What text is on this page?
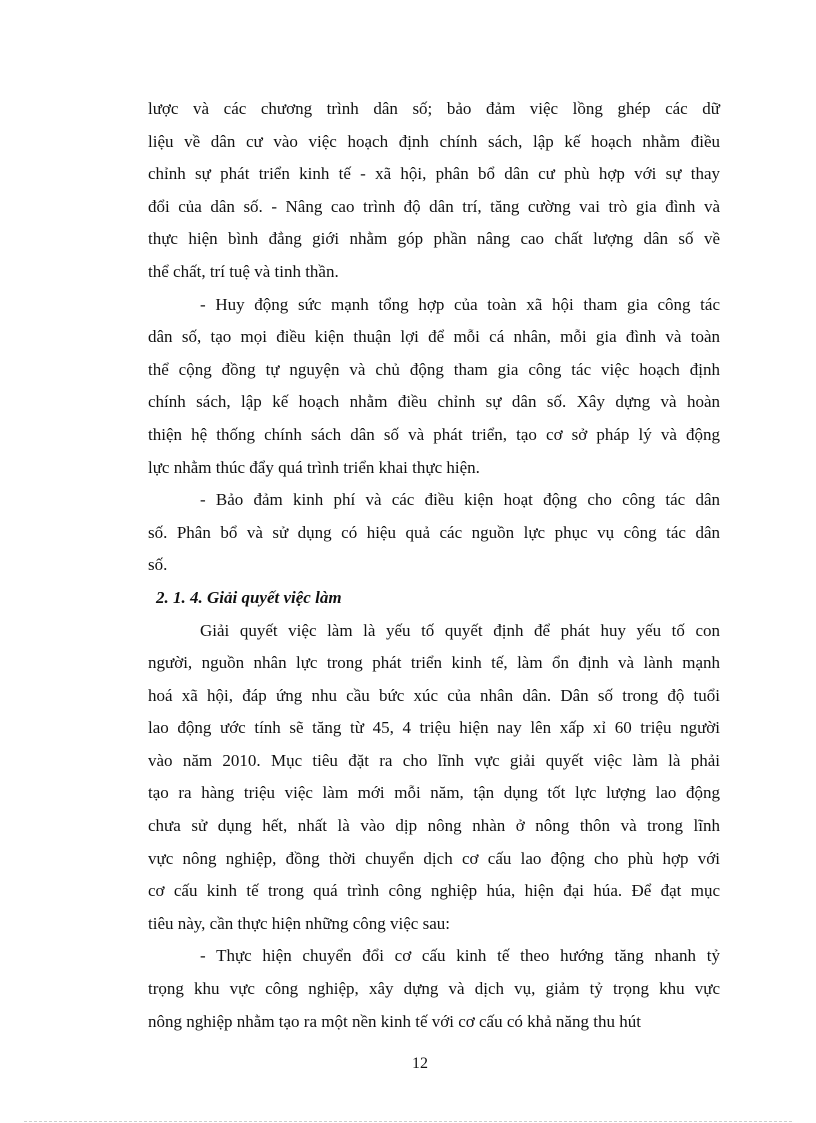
lược và các chương trình dân số; bảo đảm việc lồng ghép các dữ
liệu về dân cư vào việc hoạch định chính sách, lập kế hoạch nhằm điều
chỉnh sự phát triển kinh tế - xã hội, phân bổ dân cư phù hợp với sự thay
đổi của dân số. - Nâng cao trình độ dân trí, tăng cường vai trò gia đình và
thực hiện bình đẳng giới nhằm góp phần nâng cao chất lượng dân số về
thể chất, trí tuệ và tinh thần.
- Huy động sức mạnh tổng hợp của toàn xã hội tham gia công tác
dân số, tạo mọi điều kiện thuận lợi để mỗi cá nhân, mỗi gia đình và toàn
thể cộng đồng tự nguyện và chủ động tham gia công tác việc hoạch định
chính sách, lập kế hoạch nhằm điều chỉnh sự dân số. Xây dựng và hoàn
thiện hệ thống chính sách dân số và phát triển, tạo cơ sở pháp lý và động
lực nhằm thúc đẩy quá trình triển khai thực hiện.
- Bảo đảm kinh phí và các điều kiện hoạt động cho công tác dân
số. Phân bổ và sử dụng có hiệu quả các nguồn lực phục vụ công tác dân
số.
2. 1. 4. Giải quyết việc làm
Giải quyết việc làm là yếu tố quyết định để phát huy yếu tố con
người, nguồn nhân lực trong phát triển kinh tế, làm ổn định và lành mạnh
hoá xã hội, đáp ứng nhu cầu bức xúc của nhân dân. Dân số trong độ tuổi
lao động ước tính sẽ tăng từ 45, 4 triệu hiện nay lên xấp xỉ 60 triệu người
vào năm 2010. Mục tiêu đặt ra cho lĩnh vực giải quyết việc làm là phải
tạo ra hàng triệu việc làm mới mỗi năm, tận dụng tốt lực lượng lao động
chưa sử dụng hết, nhất là vào dịp nông nhàn ở nông thôn và trong lĩnh
vực nông nghiệp, đồng thời chuyển dịch cơ cấu lao động cho phù hợp với
cơ cấu kinh tế trong quá trình công nghiệp húa, hiện đại húa. Để đạt mục
tiêu này, cần thực hiện những công việc sau:
- Thực hiện chuyển đổi cơ cấu kinh tế theo hướng tăng nhanh tỷ
trọng khu vực công nghiệp, xây dựng và dịch vụ, giảm tỷ trọng khu vực
nông nghiệp nhằm tạo ra một nền kinh tế với cơ cấu có khả năng thu hút
12
